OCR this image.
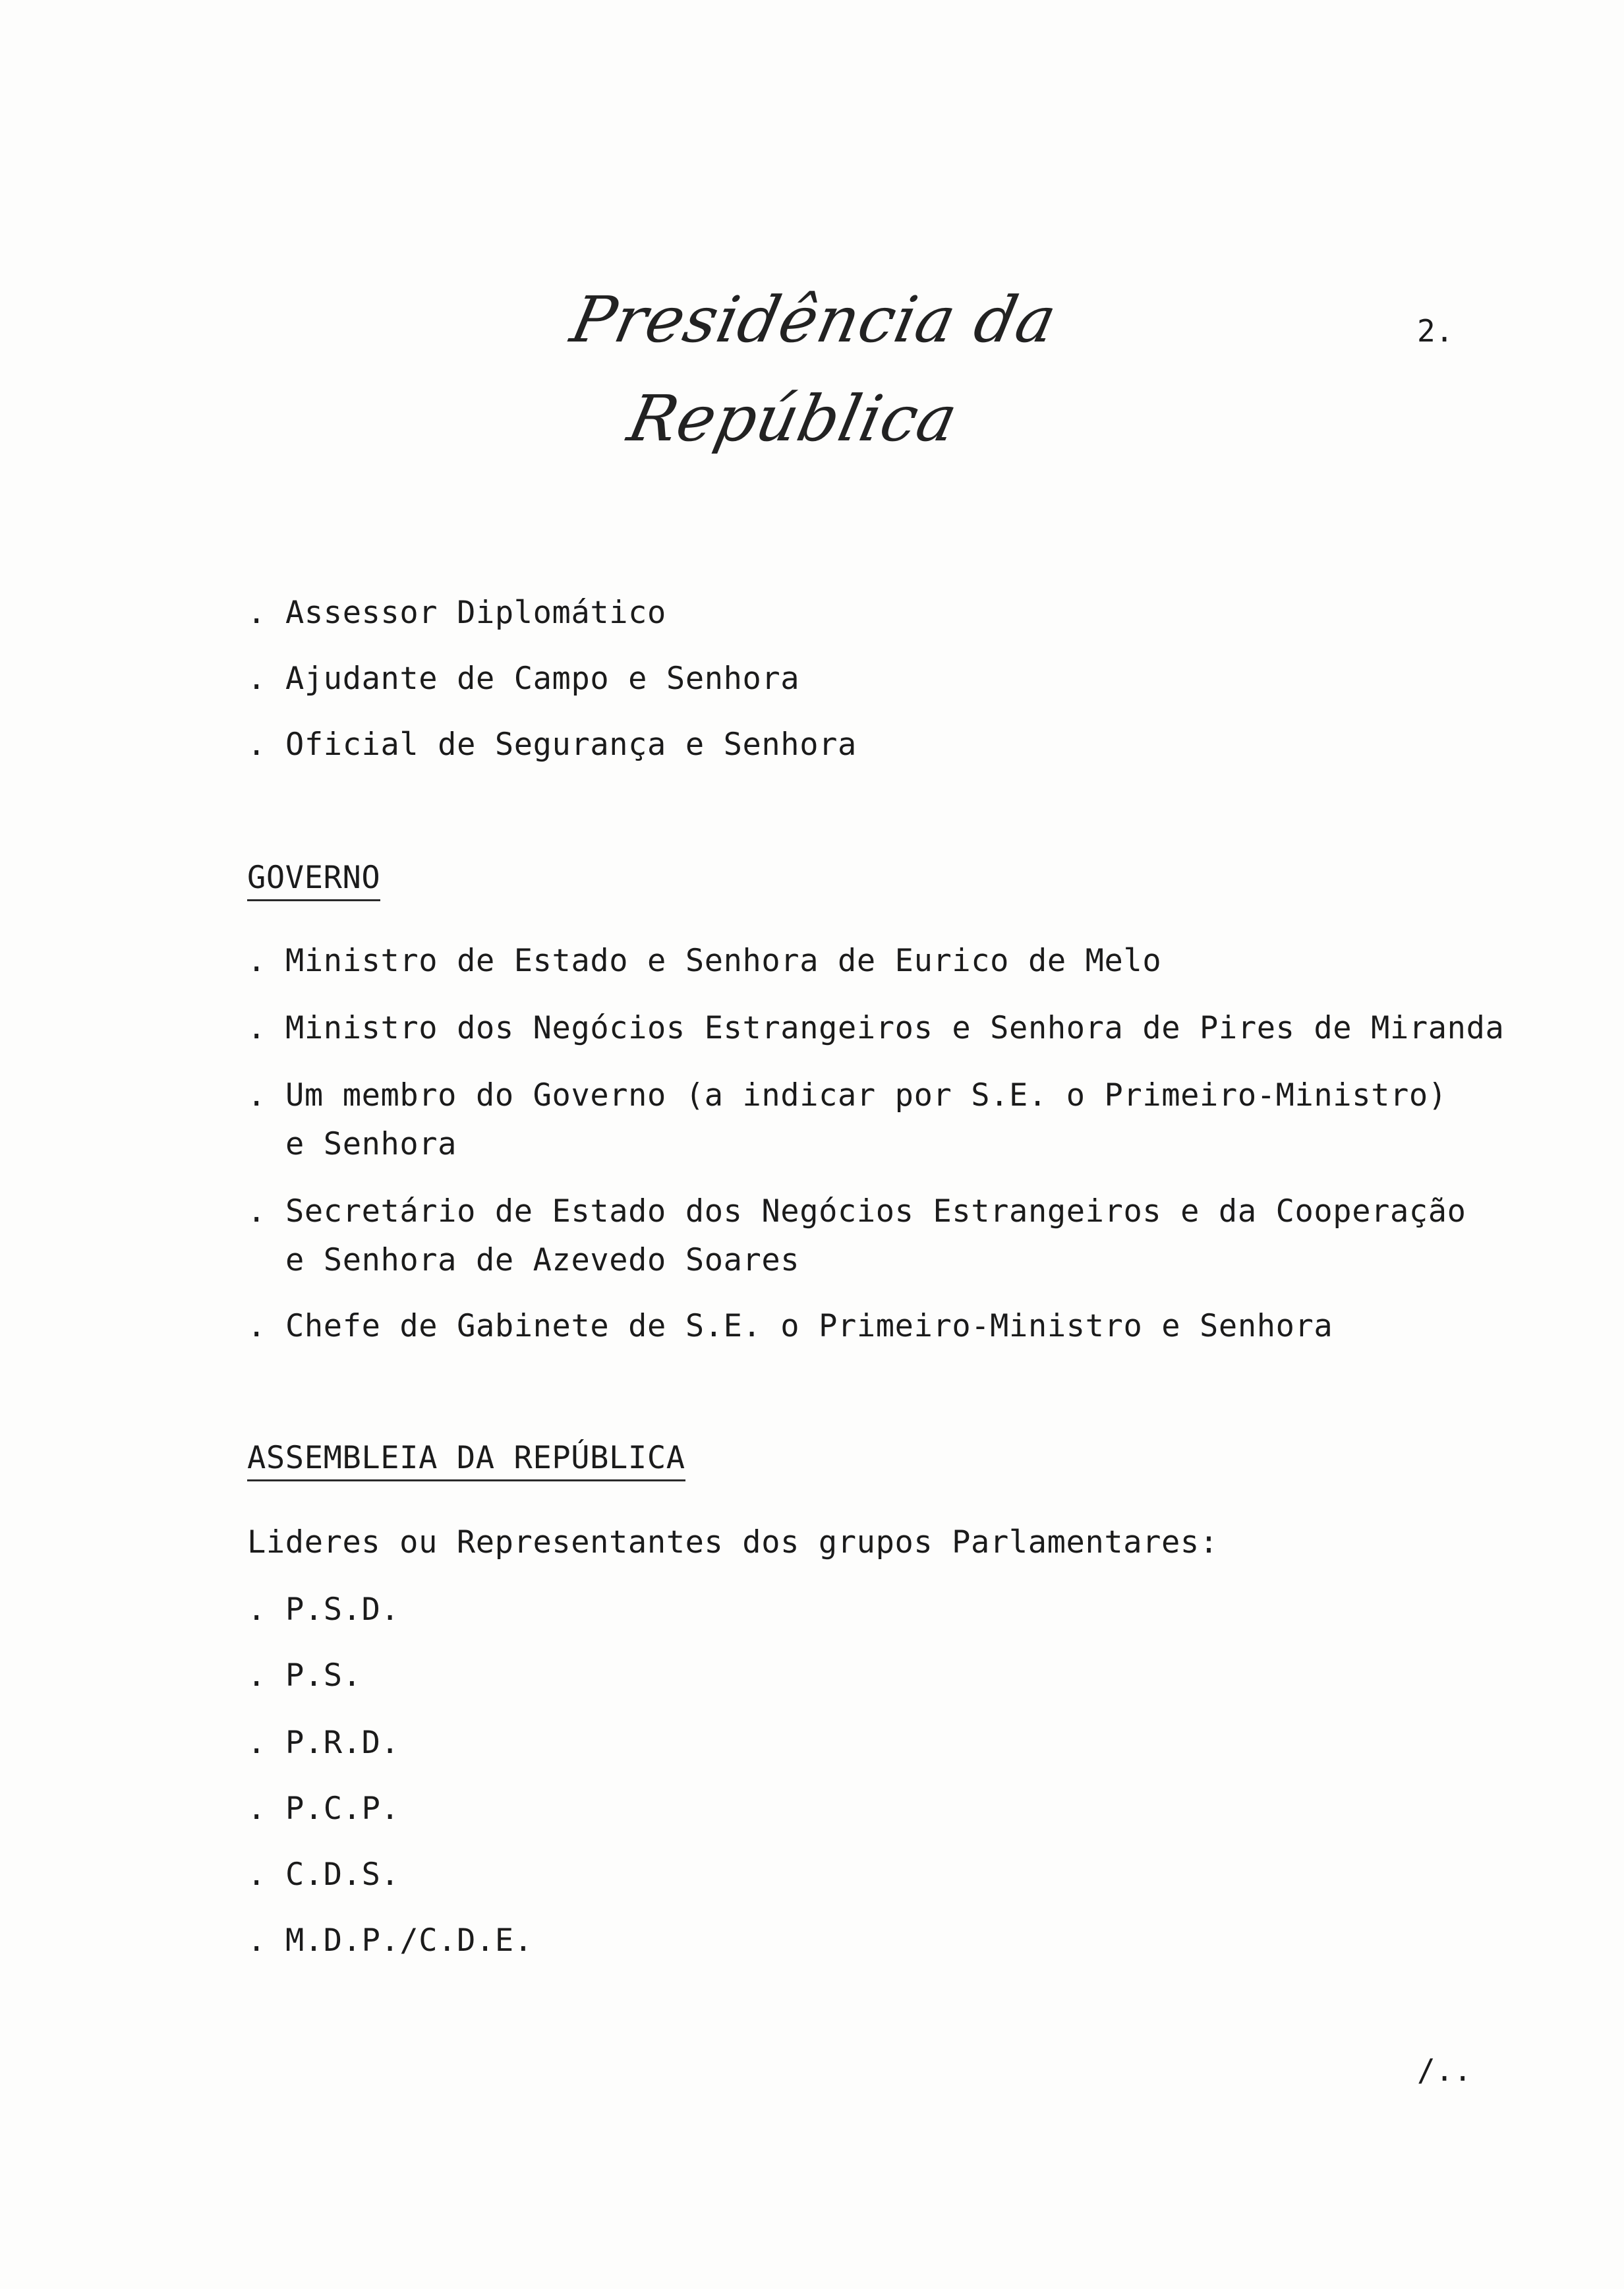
Presidência da República
2.
. Assessor Diplomático
. Ajudante de Campo e Senhora
. Oficial de Segurança e Senhora
GOVERNO
. Ministro de Estado e Senhora de Eurico de Melo
. Ministro dos Negócios Estrangeiros e Senhora de Pires de Miranda
. Um membro do Governo (a indicar por S.E. o Primeiro-Ministro)
e Senhora
. Secretário de Estado dos Negócios Estrangeiros e da Cooperação
e Senhora de Azevedo Soares
. Chefe de Gabinete de S.E. o Primeiro-Ministro e Senhora
ASSEMBLEIA DA REPÚBLICA
Lideres ou Representantes dos grupos Parlamentares:
. P.S.D.
. P.S.
. P.R.D.
. P.C.P.
. C.D.S.
. M.D.P./C.D.E.
/..
